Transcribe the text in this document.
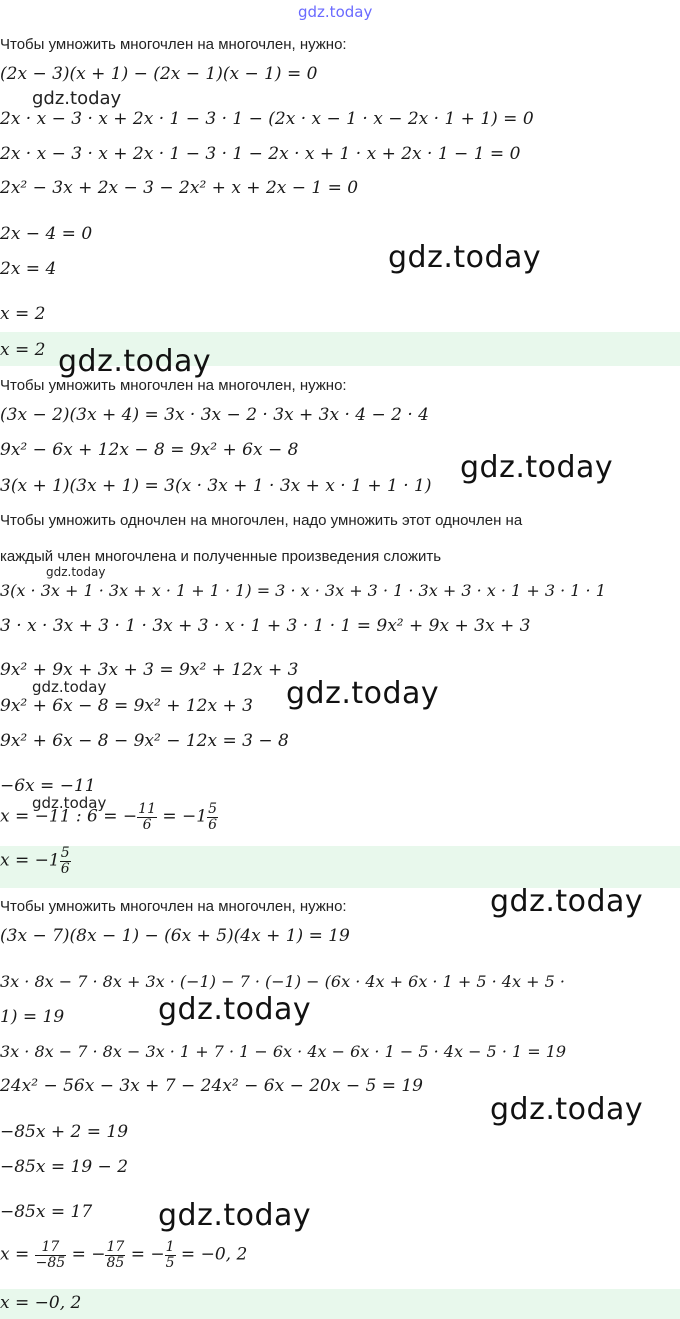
gdz.today
Чтобы умножить многочлен на многочлен, нужно:
(2x − 3)(x + 1) − (2x − 1)(x − 1) = 0
2x · x − 3 · x + 2x · 1 − 3 · 1 − (2x · x − 1 · x − 2x · 1 + 1) = 0
2x · x − 3 · x + 2x · 1 − 3 · 1 − 2x · x + 1 · x + 2x · 1 − 1 = 0
2x² − 3x + 2x − 3 − 2x² + x + 2x − 1 = 0
2x − 4 = 0
2x = 4
x = 2
x = 2
Чтобы умножить многочлен на многочлен, нужно:
(3x − 2)(3x + 4) = 3x · 3x − 2 · 3x + 3x · 4 − 2 · 4
9x² − 6x + 12x − 8 = 9x² + 6x − 8
3(x + 1)(3x + 1) = 3(x · 3x + 1 · 3x + x · 1 + 1 · 1)
Чтобы умножить одночлен на многочлен, надо умножить этот одночлен на
каждый член многочлена и полученные произведения сложить
3(x · 3x + 1 · 3x + x · 1 + 1 · 1) = 3 · x · 3x + 3 · 1 · 3x + 3 · x · 1 + 3 · 1 · 1
3 · x · 3x + 3 · 1 · 3x + 3 · x · 1 + 3 · 1 · 1 = 9x² + 9x + 3x + 3
9x² + 9x + 3x + 3 = 9x² + 12x + 3
9x² + 6x − 8 = 9x² + 12x + 3
9x² + 6x − 8 − 9x² − 12x = 3 − 8
−6x = −11
x = −11 : 6 = − $\frac{11}{6} = -1 \frac{5}{6}$
$x = -1 \frac{5}{6}$
Чтобы умножить многочлен на многочлен, нужно:
(3x − 7)(8x − 1) − (6x + 5)(4x + 1) = 19
3x · 8x − 7 · 8x + 3x · (−1) − 7 · (−1) − (6x · 4x + 6x · 1 + 5 · 4x + 5 ·
1) = 19
3x · 8x − 7 · 8x − 3x · 1 + 7 · 1 − 6x · 4x − 6x · 1 − 5 · 4x − 5 · 1 = 19
24x² − 56x − 3x + 7 − 24x² − 6x − 20x − 5 = 19
−85x + 2 = 19
−85x = 19 − 2
−85x = 17
$x = \frac{17}{-85}$ = − $\frac{17}{85}$ = − $\frac{1}{5} = -0$, 2
x = −0, 2
gdz.today
gdz.today
gdz.today
gdz.today
gdz.today
gdz.today	gdz.today
gdz.today
gdz.today
gdz.today
gdz.today
gdz.today
